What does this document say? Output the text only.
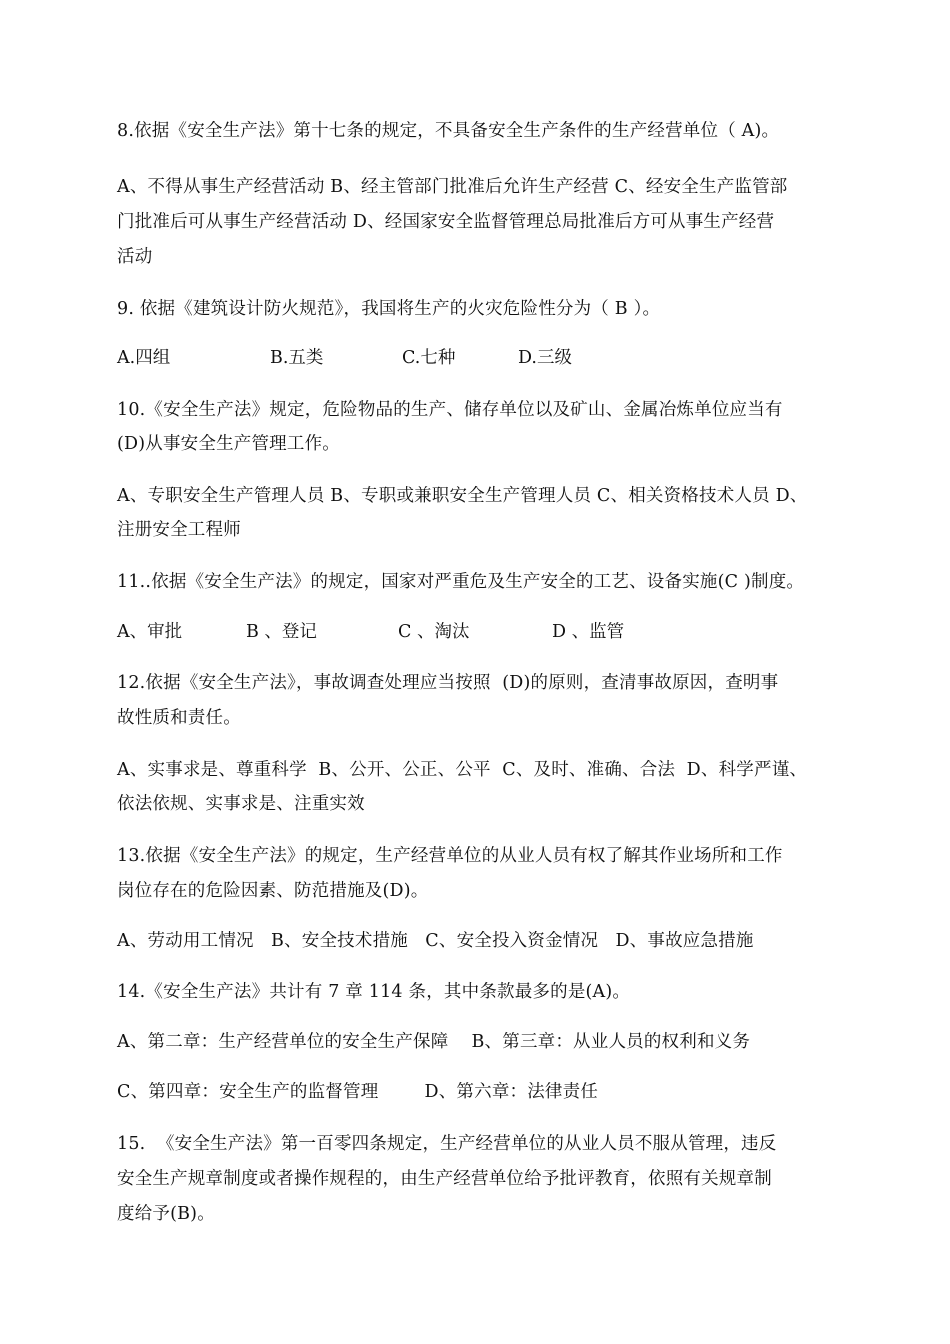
8.依据《安全生产法》第十七条的规定，不具备安全生产条件的生产经营单位（ A)。
A、不得从事生产经营活动 B、经主管部门批准后允许生产经营 C、经安全生产监管部
门批准后可从事生产经营活动 D、经国家安全监督管理总局批准后方可从事生产经营
活动
9. 依据《建筑设计防火规范》，我国将生产的火灾危险性分为（ B ）。
A.四组	B.五类	C.七种	D.三级
10.《安全生产法》规定，危险物品的生产、储存单位以及矿山、金属冶炼单位应当有
(D)从事安全生产管理工作。
A、专职安全生产管理人员 B、专职或兼职安全生产管理人员 C、相关资格技术人员 D、
注册安全工程师
11..依据《安全生产法》的规定，国家对严重危及生产安全的工艺、设备实施(C )制度。
A、审批	B 、登记	C 、淘汰	D 、监管
12.依据《安全生产法》，事故调查处理应当按照  (D)的原则，查清事故原因，查明事
故性质和责任。
A、实事求是、尊重科学  B、公开、公正、公平  C、及时、准确、合法  D、科学严谨、
依法依规、实事求是、注重实效
13.依据《安全生产法》的规定，生产经营单位的从业人员有权了解其作业场所和工作
岗位存在的危险因素、防范措施及(D)。
A、劳动用工情况   B、安全技术措施   C、安全投入资金情况   D、事故应急措施
14.《安全生产法》共计有 7 章 114 条，其中条款最多的是(A)。
A、第二章：生产经营单位的安全生产保障    B、第三章：从业人员的权利和义务
C、第四章：安全生产的监督管理        D、第六章：法律责任
15.  《安全生产法》第一百零四条规定，生产经营单位的从业人员不服从管理，违反
安全生产规章制度或者操作规程的，由生产经营单位给予批评教育，依照有关规章制
度给予(B)。
